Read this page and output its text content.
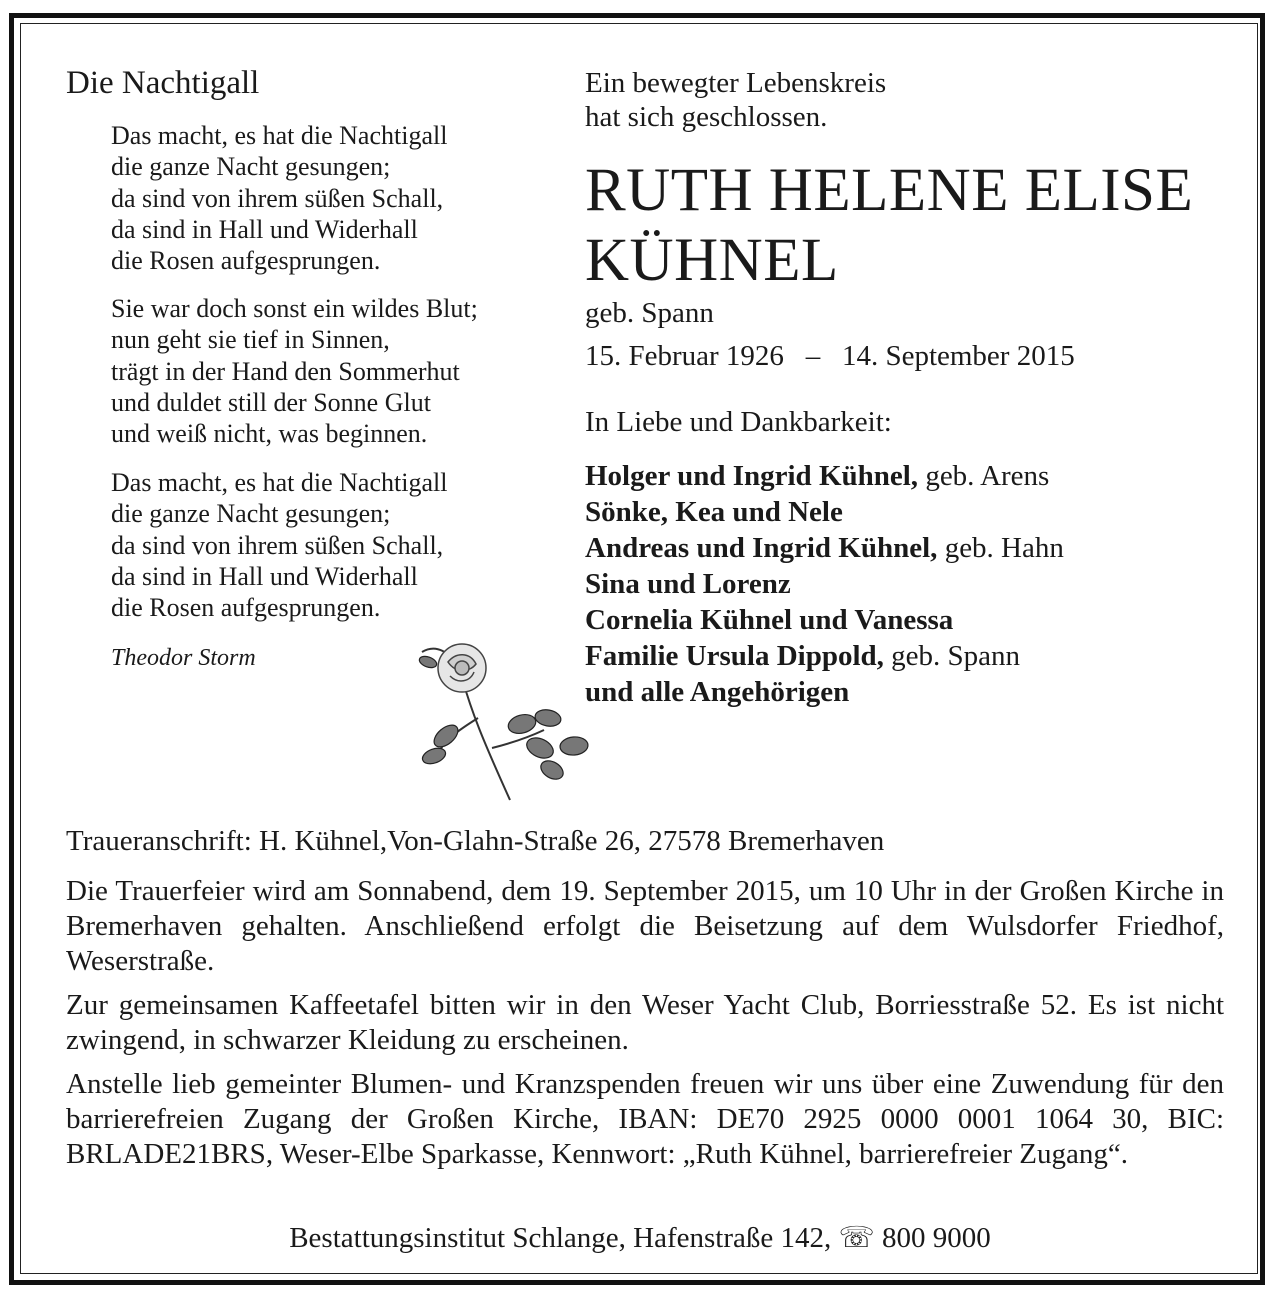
Die Nachtigall
Das macht, es hat die Nachtigall
die ganze Nacht gesungen;
da sind von ihrem süßen Schall,
da sind in Hall und Widerhall
die Rosen aufgesprungen.
Sie war doch sonst ein wildes Blut;
nun geht sie tief in Sinnen,
trägt in der Hand den Sommerhut
und duldet still der Sonne Glut
und weiß nicht, was beginnen.
Das macht, es hat die Nachtigall
die ganze Nacht gesungen;
da sind von ihrem süßen Schall,
da sind in Hall und Widerhall
die Rosen aufgesprungen.
Theodor Storm
Ein bewegter Lebenskreis
hat sich geschlossen.
RUTH HELENE ELISE
KÜHNEL
geb. Spann
15. Februar 1926 – 14. September 2015
In Liebe und Dankbarkeit:
Holger und Ingrid Kühnel, geb. Arens
Sönke, Kea und Nele
Andreas und Ingrid Kühnel, geb. Hahn
Sina und Lorenz
Cornelia Kühnel und Vanessa
Familie Ursula Dippold, geb. Spann
und alle Angehörigen
Traueranschrift: H. Kühnel,Von-Glahn-Straße 26, 27578 Bremerhaven

Die Trauerfeier wird am Sonnabend, dem 19. September 2015, um 10 Uhr in der Großen Kirche in Bremerhaven gehalten. Anschließend erfolgt die Beisetzung auf dem Wulsdorfer Friedhof, Weserstraße.

Zur gemeinsamen Kaffeetafel bitten wir in den Weser Yacht Club, Borriesstraße 52. Es ist nicht zwingend, in schwarzer Kleidung zu erscheinen.

Anstelle lieb gemeinter Blumen- und Kranzspenden freuen wir uns über eine Zuwendung für den barrierefreien Zugang der Großen Kirche, IBAN: DE70 2925 0000 0001 1064 30, BIC: BRLADE21BRS, Weser-Elbe Sparkasse, Kennwort: „Ruth Kühnel, barrierefreier Zugang“.

Bestattungsinstitut Schlange, Hafenstraße 142, ☏ 800 9000
